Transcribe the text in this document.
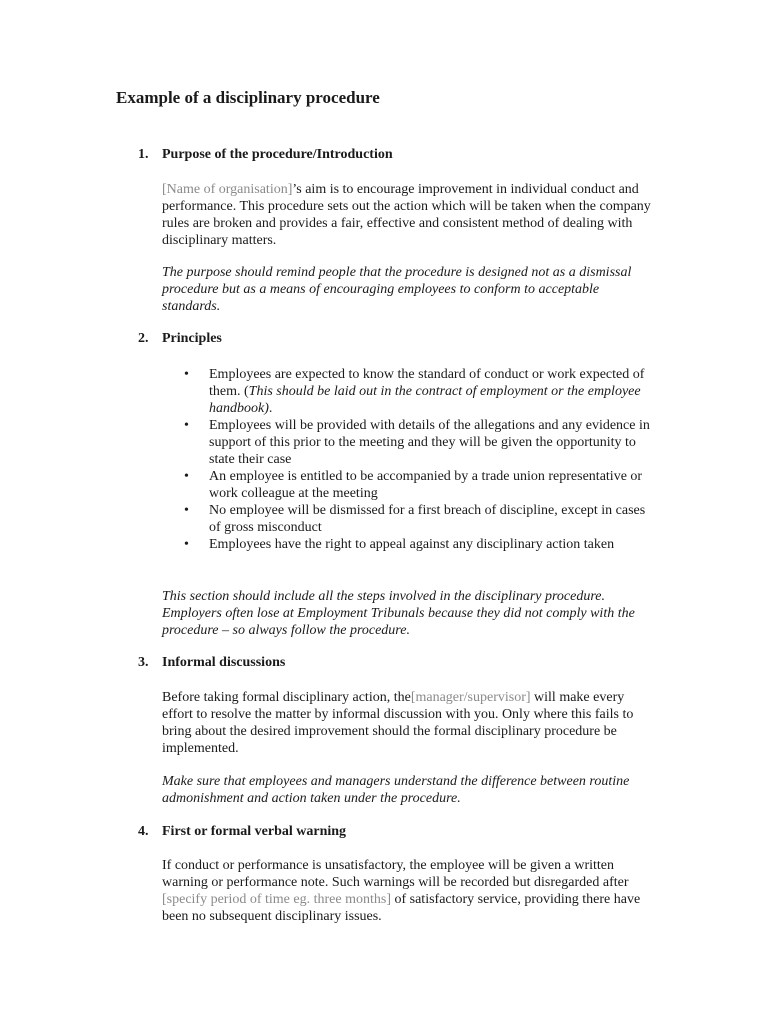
Example of a disciplinary procedure
1. Purpose of the procedure/Introduction
[Name of organisation]’s aim is to encourage improvement in individual conduct and performance. This procedure sets out the action which will be taken when the company rules are broken and provides a fair, effective and consistent method of dealing with disciplinary matters.
The purpose should remind people that the procedure is designed not as a dismissal procedure but as a means of encouraging employees to conform to acceptable standards.
2. Principles
• Employees are expected to know the standard of conduct or work expected of them. (This should be laid out in the contract of employment or the employee handbook).
• Employees will be provided with details of the allegations and any evidence in support of this prior to the meeting and they will be given the opportunity to state their case
• An employee is entitled to be accompanied by a trade union representative or work colleague at the meeting
• No employee will be dismissed for a first breach of discipline, except in cases of gross misconduct
• Employees have the right to appeal against any disciplinary action taken
This section should include all the steps involved in the disciplinary procedure. Employers often lose at Employment Tribunals because they did not comply with the procedure – so always follow the procedure.
3. Informal discussions
Before taking formal disciplinary action, the[manager/supervisor] will make every effort to resolve the matter by informal discussion with you. Only where this fails to bring about the desired improvement should the formal disciplinary procedure be implemented.
Make sure that employees and managers understand the difference between routine admonishment and action taken under the procedure.
4. First or formal verbal warning
If conduct or performance is unsatisfactory, the employee will be given a written warning or performance note. Such warnings will be recorded but disregarded after [specify period of time eg. three months] of satisfactory service, providing there have been no subsequent disciplinary issues.
